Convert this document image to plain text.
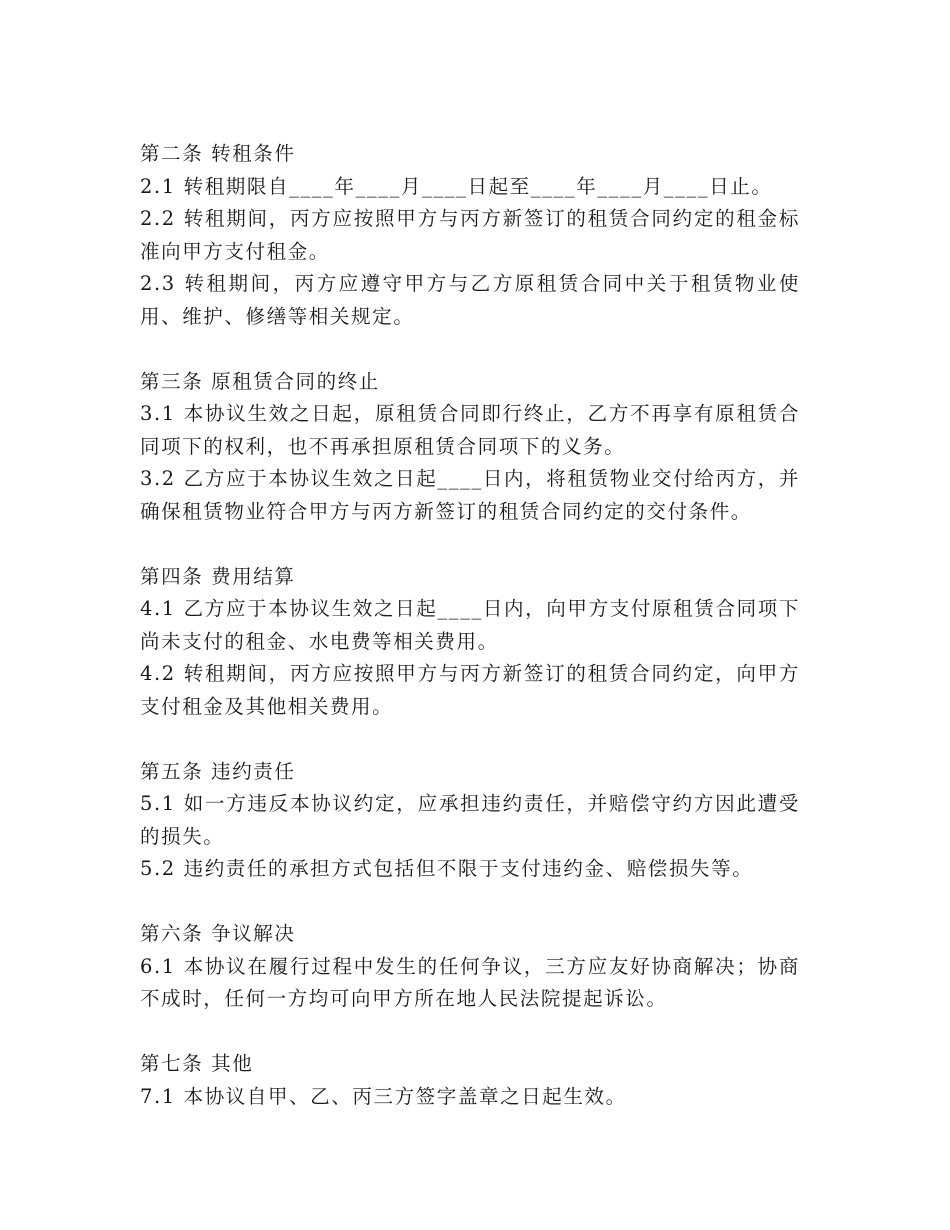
第二条 转租条件
2.1 转租期限自____年____月____日起至____年____月____日止。
2.2 转租期间，丙方应按照甲方与丙方新签订的租赁合同约定的租金标准向甲方支付租金。
2.3 转租期间，丙方应遵守甲方与乙方原租赁合同中关于租赁物业使用、维护、修缮等相关规定。
第三条 原租赁合同的终止
3.1 本协议生效之日起，原租赁合同即行终止，乙方不再享有原租赁合同项下的权利，也不再承担原租赁合同项下的义务。
3.2 乙方应于本协议生效之日起____日内，将租赁物业交付给丙方，并确保租赁物业符合甲方与丙方新签订的租赁合同约定的交付条件。
第四条 费用结算
4.1 乙方应于本协议生效之日起____日内，向甲方支付原租赁合同项下尚未支付的租金、水电费等相关费用。
4.2 转租期间，丙方应按照甲方与丙方新签订的租赁合同约定，向甲方支付租金及其他相关费用。
第五条 违约责任
5.1 如一方违反本协议约定，应承担违约责任，并赔偿守约方因此遭受的损失。
5.2 违约责任的承担方式包括但不限于支付违约金、赔偿损失等。
第六条 争议解决
6.1 本协议在履行过程中发生的任何争议，三方应友好协商解决；协商不成时，任何一方均可向甲方所在地人民法院提起诉讼。
第七条 其他
7.1 本协议自甲、乙、丙三方签字盖章之日起生效。
